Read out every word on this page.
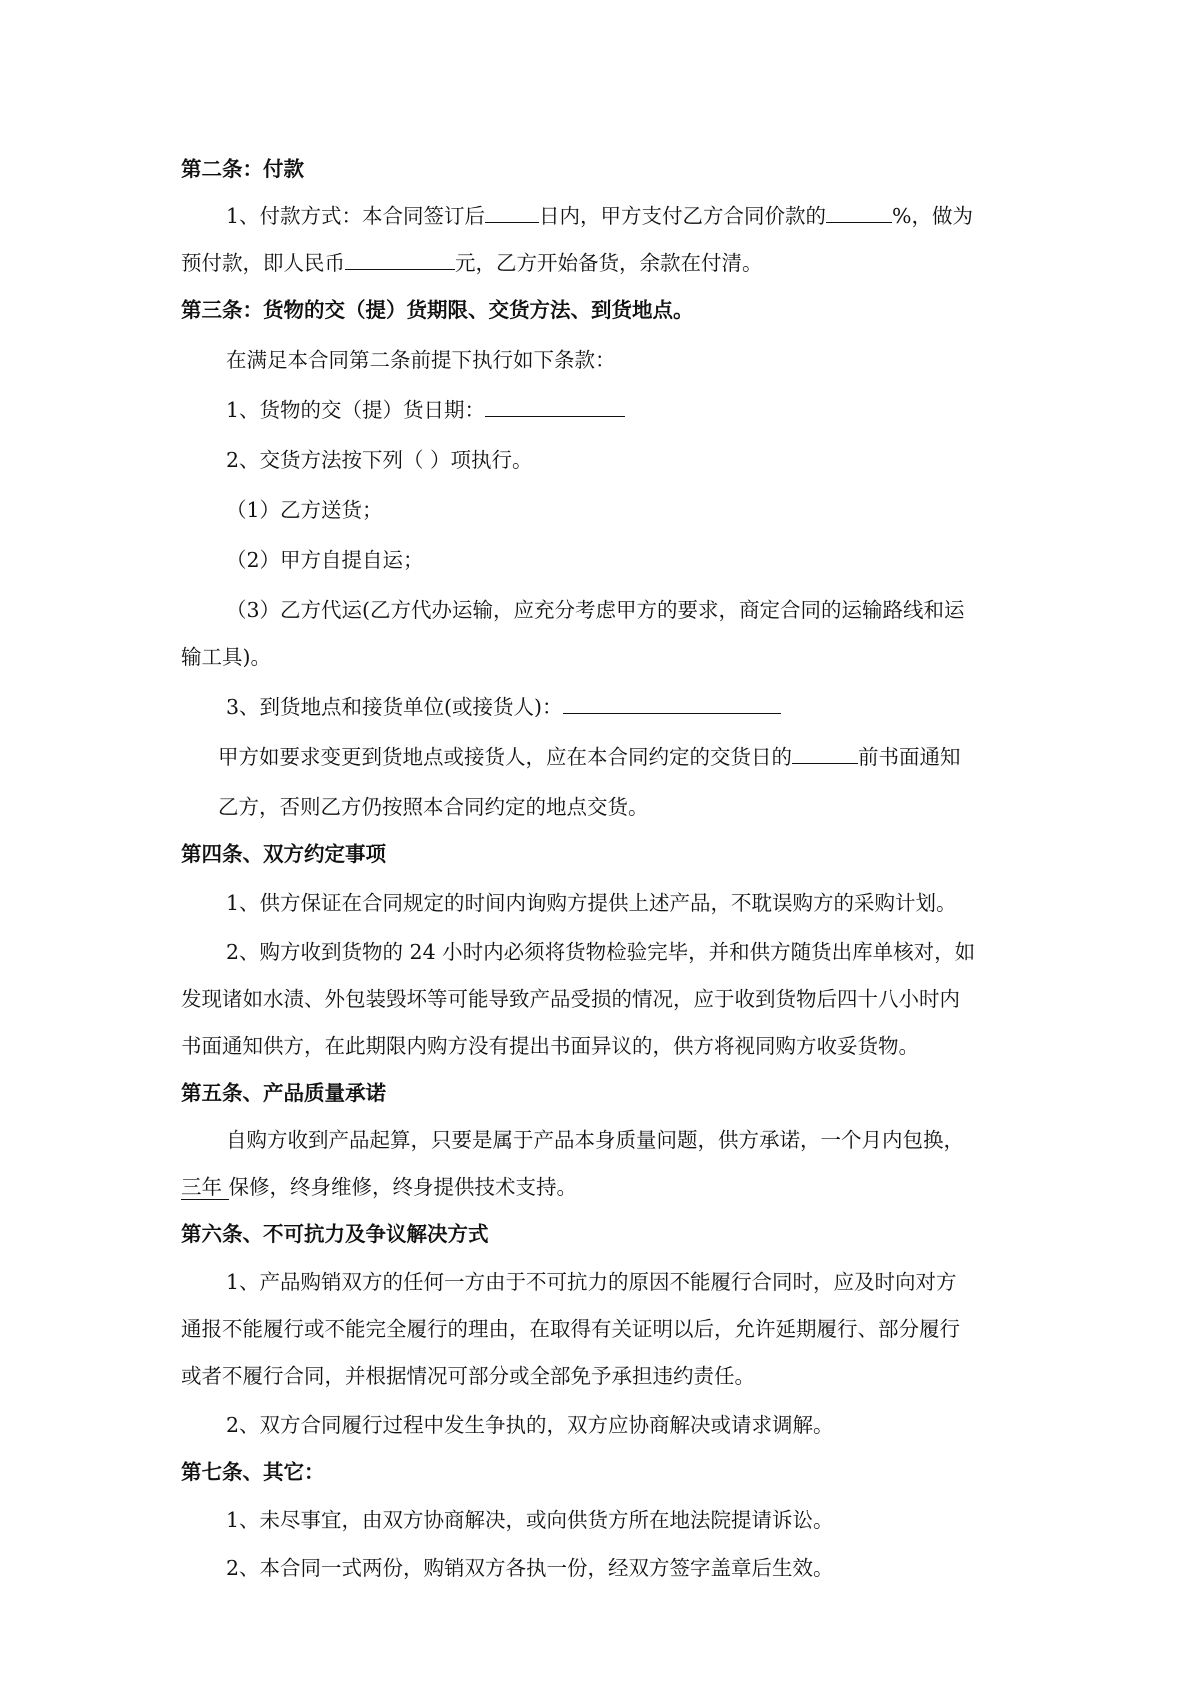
第二条：付款
1、付款方式：本合同签订后	日内，甲方支付乙方合同价款的	%，做为
预付款，即人民币	元，乙方开始备货，余款在付清。
第三条：货物的交（提）货期限、交货方法、到货地点。
在满足本合同第二条前提下执行如下条款：
1、货物的交（提）货日期：
2、交货方法按下列（ ）项执行。
（1）乙方送货；
（2）甲方自提自运；
（3）乙方代运(乙方代办运输，应充分考虑甲方的要求，商定合同的运输路线和运
输工具)。
3、到货地点和接货单位(或接货人)：
甲方如要求变更到货地点或接货人，应在本合同约定的交货日的	前书面通知
乙方，否则乙方仍按照本合同约定的地点交货。
第四条、双方约定事项
1、供方保证在合同规定的时间内询购方提供上述产品，不耽误购方的采购计划。
2、购方收到货物的 24 小时内必须将货物检验完毕，并和供方随货出库单核对，如
发现诸如水渍、外包装毁坏等可能导致产品受损的情况，应于收到货物后四十八小时内
书面通知供方，在此期限内购方没有提出书面异议的，供方将视同购方收妥货物。
第五条、产品质量承诺
自购方收到产品起算，只要是属于产品本身质量问题，供方承诺，一个月内包换，
三年 保修，终身维修，终身提供技术支持。
第六条、不可抗力及争议解决方式
1、产品购销双方的任何一方由于不可抗力的原因不能履行合同时，应及时向对方
通报不能履行或不能完全履行的理由，在取得有关证明以后，允许延期履行、部分履行
或者不履行合同，并根据情况可部分或全部免予承担违约责任。
2、双方合同履行过程中发生争执的，双方应协商解决或请求调解。
第七条、其它：
1、未尽事宜，由双方协商解决，或向供货方所在地法院提请诉讼。
2、本合同一式两份，购销双方各执一份，经双方签字盖章后生效。
